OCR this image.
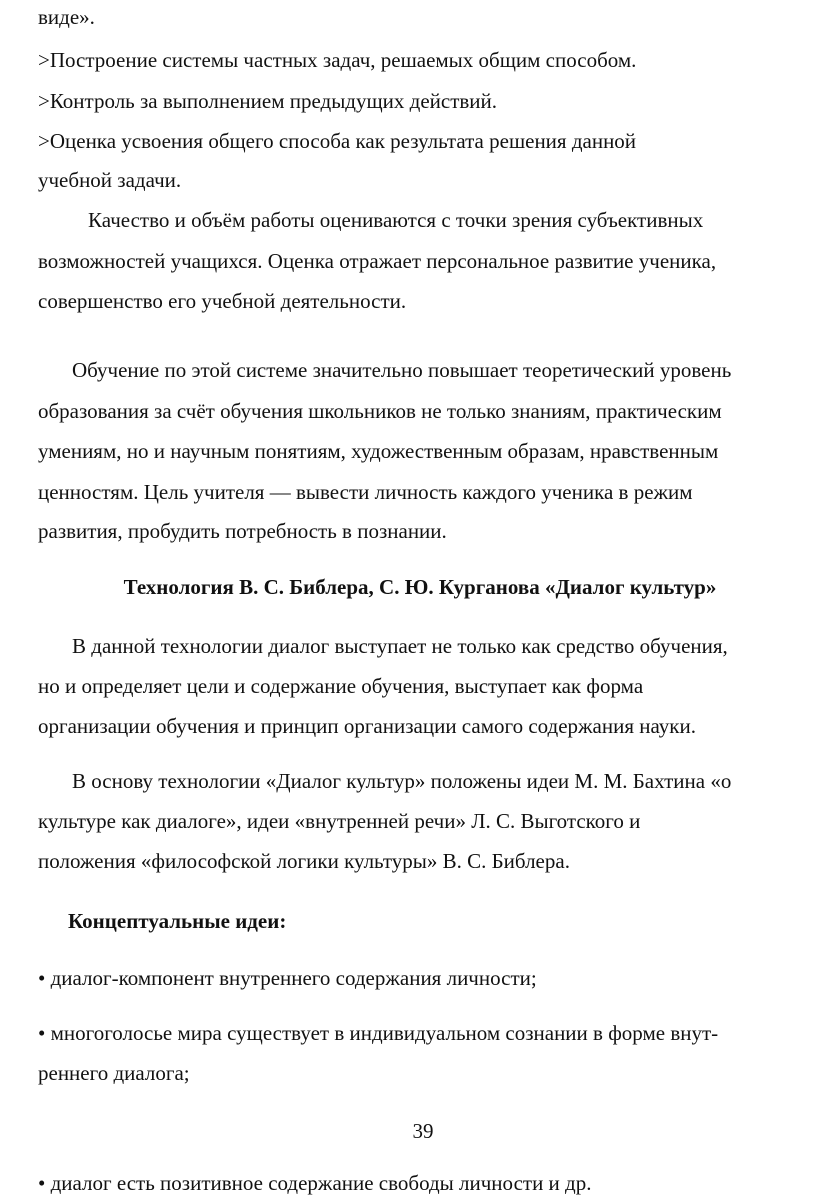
виде».
>Построение системы частных задач, решаемых общим способом.
>Контроль за выполнением предыдущих действий.
>Оценка усвоения общего способа как результата решения данной
учебной задачи.
Качество и объём работы оцениваются с точки зрения субъективных
возможностей учащихся. Оценка отражает персональное развитие ученика,
совершенство его учебной деятельности.
Обучение по этой системе значительно повышает теоретический уровень
образования за счёт обучения школьников не только знаниям, практическим
умениям, но и научным понятиям, художественным образам, нравственным
ценностям. Цель учителя — вывести личность каждого ученика в режим
развития, пробудить потребность в познании.
Технология В. С. Библера, С. Ю. Курганова «Диалог культур»
В данной технологии диалог выступает не только как средство обучения,
но и определяет цели и содержание обучения, выступает как форма
организации обучения и принцип организации самого содержания науки.
В основу технологии «Диалог культур» положены идеи М. М. Бахтина «о
культуре как диалоге», идеи «внутренней речи» Л. С. Выготского и
положения «философской логики культуры» В. С. Библера.
Концептуальные идеи:
• диалог-компонент внутреннего содержания личности;
• многоголосье мира существует в индивидуальном сознании в форме внут-
реннего диалога;
39
• диалог есть позитивное содержание свободы личности и др.
